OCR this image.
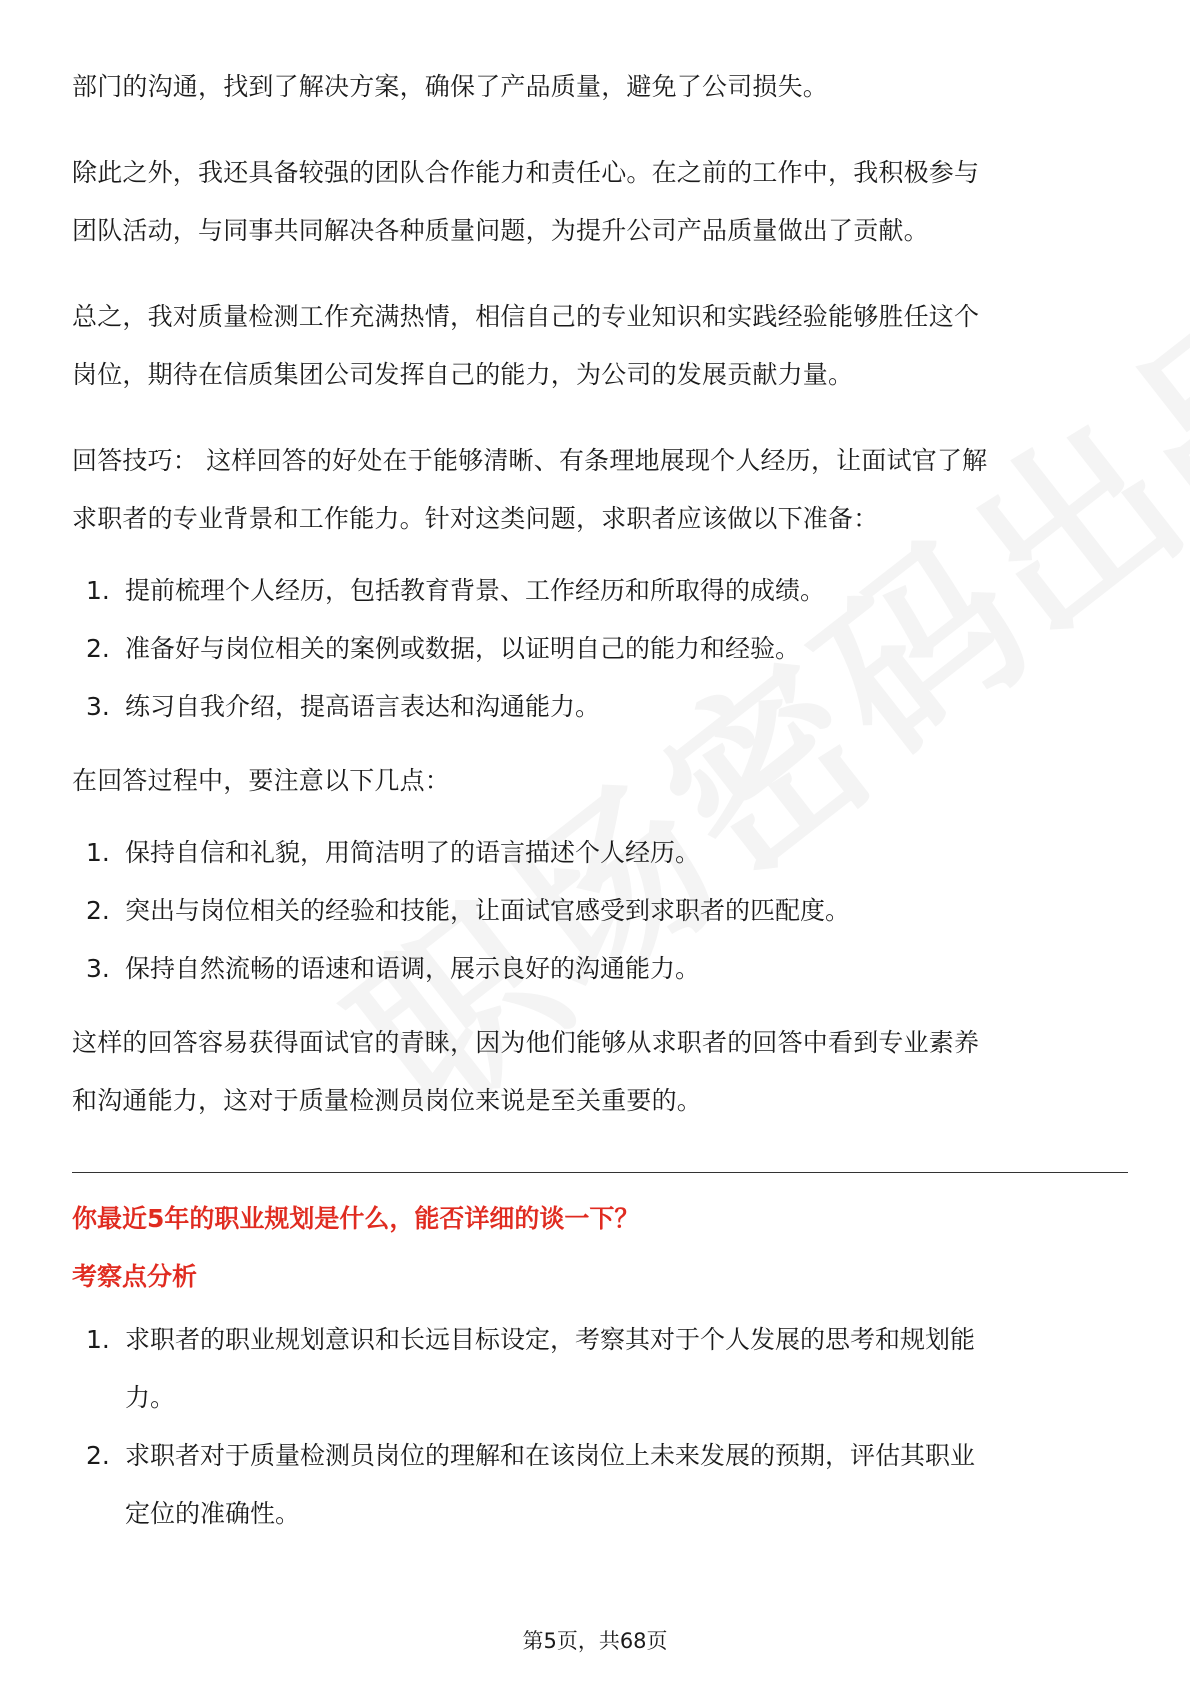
部门的沟通，找到了解决方案，确保了产品质量，避免了公司损失。

除此之外，我还具备较强的团队合作能力和责任心。在之前的工作中，我积极参与
团队活动，与同事共同解决各种质量问题，为提升公司产品质量做出了贡献。

总之，我对质量检测工作充满热情，相信自己的专业知识和实践经验能够胜任这个
岗位，期待在信质集团公司发挥自己的能力，为公司的发展贡献力量。

回答技巧： 这样回答的好处在于能够清晰、有条理地展现个人经历，让面试官了解
求职者的专业背景和工作能力。针对这类问题，求职者应该做以下准备：

1. 提前梳理个人经历，包括教育背景、工作经历和所取得的成绩。
2. 准备好与岗位相关的案例或数据，以证明自己的能力和经验。
3. 练习自我介绍，提高语言表达和沟通能力。

在回答过程中，要注意以下几点：

1. 保持自信和礼貌，用简洁明了的语言描述个人经历。
2. 突出与岗位相关的经验和技能，让面试官感受到求职者的匹配度。
3. 保持自然流畅的语速和语调，展示良好的沟通能力。

这样的回答容易获得面试官的青睐，因为他们能够从求职者的回答中看到专业素养
和沟通能力，这对于质量检测员岗位来说是至关重要的。

你最近5年的职业规划是什么，能否详细的谈一下？

考察点分析

1. 求职者的职业规划意识和长远目标设定，考察其对于个人发展的思考和规划能
力。
2. 求职者对于质量检测员岗位的理解和在该岗位上未来发展的预期，评估其职业
定位的准确性。
第5页，共68页
